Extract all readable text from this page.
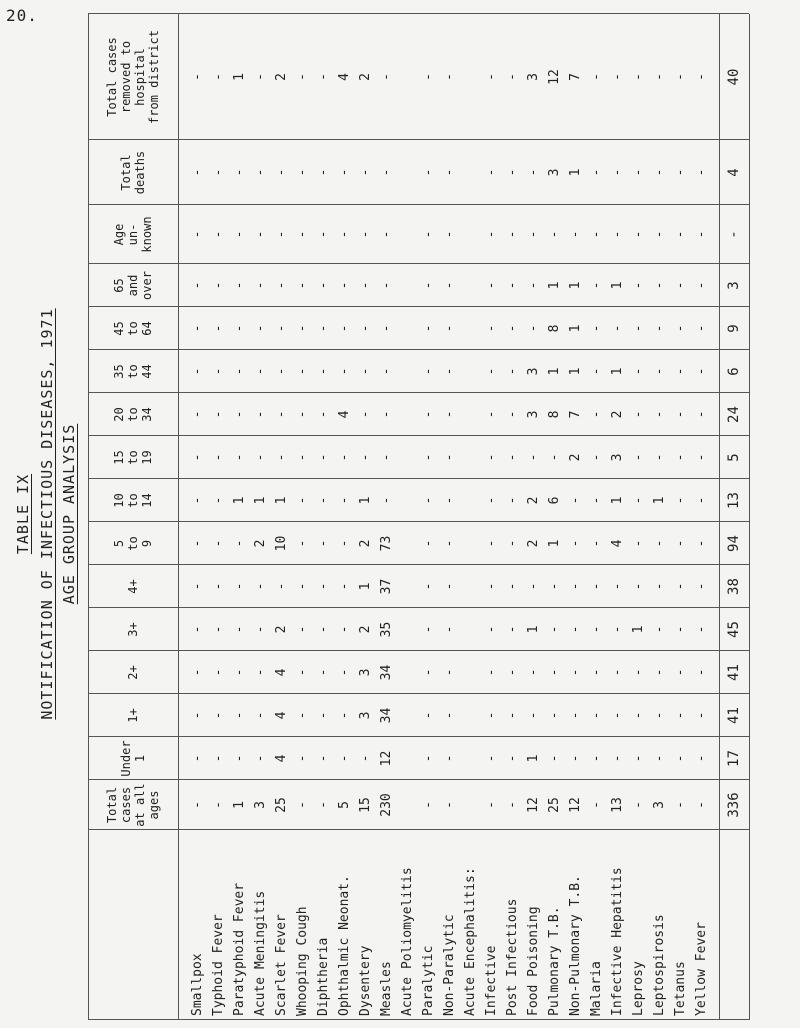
20.
TABLE IX NOTIFICATION OF INFECTIOUS DISEASES, 1971 AGE GROUP ANALYSIS
Total
cases
at all
ages
Under
1
1+
2+
3+
4+
5
to
9
10
to
14
15
to
19
20
to
34
35
to
44
45
to
64
65
and
over
Age
un-
known
Total
deaths
Total cases
removed to
hospital
from district
Smallpox
-
-
-
-
-
-
-
-
-
-
-
-
-
-
-
-
Typhoid Fever
-
-
-
-
-
-
-
-
-
-
-
-
-
-
-
-
Paratyphoid Fever
1
-
-
-
-
-
-
1
-
-
-
-
-
-
-
1
Acute Meningitis
3
-
-
-
-
-
2
1
-
-
-
-
-
-
-
-
Scarlet Fever
25
4
4
4
2
-
10
1
-
-
-
-
-
-
-
2
Whooping Cough
-
-
-
-
-
-
-
-
-
-
-
-
-
-
-
-
Diphtheria
-
-
-
-
-
-
-
-
-
-
-
-
-
-
-
-
Ophthalmic Neonat.
5
-
-
-
-
-
-
-
-
4
-
-
-
-
-
4
Dysentery
15
-
3
3
2
1
2
1
-
-
-
-
-
-
-
2
Measles
230
12
34
34
35
37
73
-
-
-
-
-
-
-
-
-
Acute Poliomyelitis Paralytic
-
-
-
-
-
-
-
-
-
-
-
-
-
-
-
-
Non-Paralytic
-
-
-
-
-
-
-
-
-
-
-
-
-
-
-
-
Acute Encephalitis: Infective
-
-
-
-
-
-
-
-
-
-
-
-
-
-
-
-
Post Infectious
-
-
-
-
-
-
-
-
-
-
-
-
-
-
-
-
Food Poisoning
12
1
-
-
1
-
2
2
-
3
3
-
-
-
-
3
Pulmonary T.B.
25
-
-
-
-
-
1
6
-
8
1
8
1
-
3
12
Non-Pulmonary T.B.
12
-
-
-
-
-
-
-
2
7
1
1
1
-
1
7
Malaria
-
-
-
-
-
-
-
-
-
-
-
-
-
-
-
-
Infective Hepatitis
13
-
-
-
-
-
4
1
3
2
1
-
1
-
-
-
Leprosy
-
-
-
-
1
-
-
-
-
-
-
-
-
-
-
-
Leptospirosis
3
-
-
-
-
-
-
1
-
-
-
-
-
-
-
-
Tetanus
-
-
-
-
-
-
-
-
-
-
-
-
-
-
-
-
Yellow Fever
-
-
-
-
-
-
-
-
-
-
-
-
-
-
-
-
336
17
41
41
45
38
94
13
5
24
6
9
3
-
4
40
